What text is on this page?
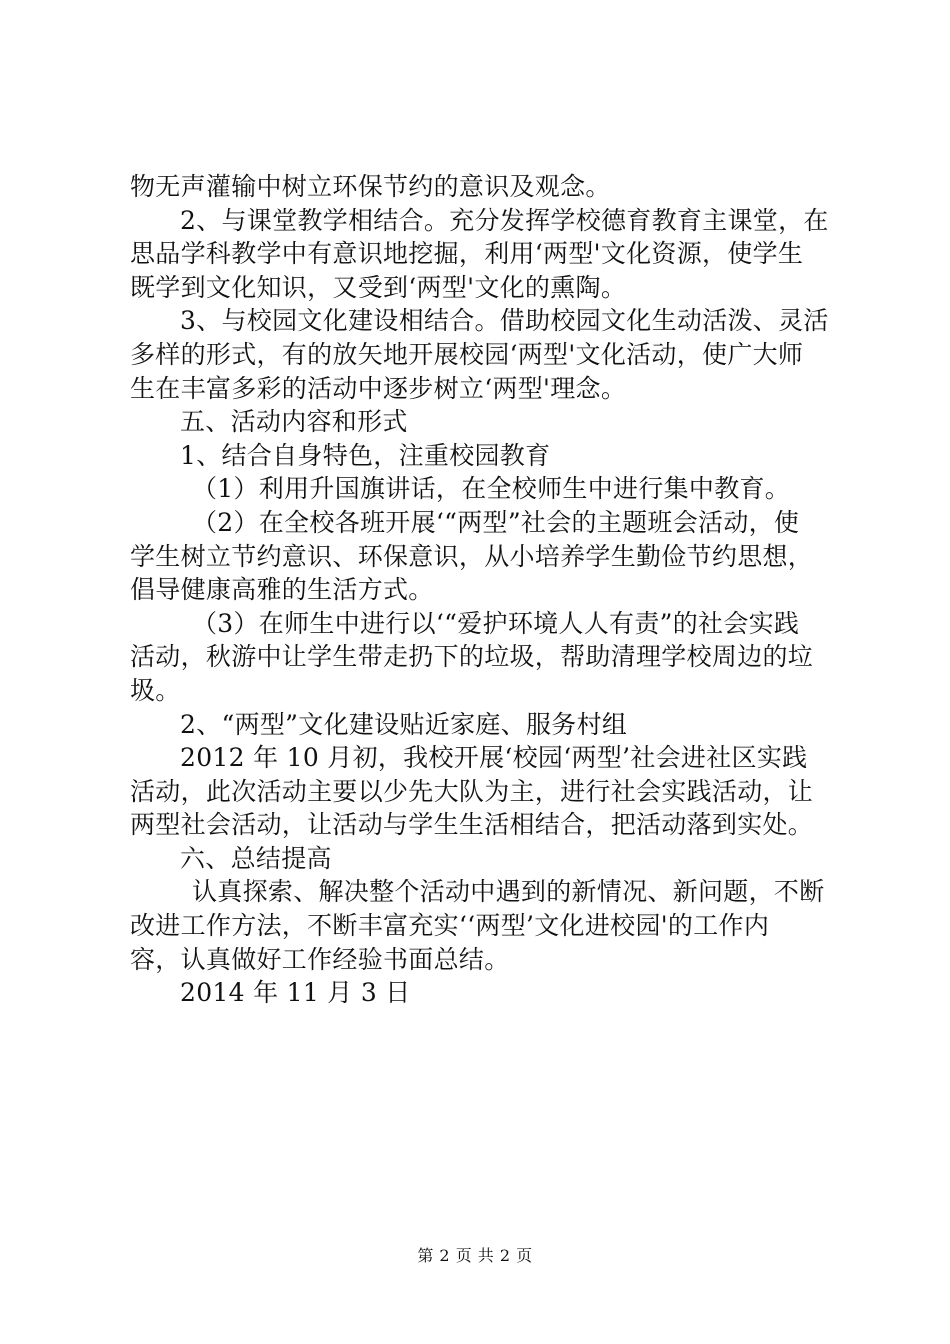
物无声灌输中树立环保节约的意识及观念。
2、与课堂教学相结合。充分发挥学校德育教育主课堂，在
思品学科教学中有意识地挖掘，利用‘两型'文化资源，使学生
既学到文化知识，又受到‘两型'文化的熏陶。
3、与校园文化建设相结合。借助校园文化生动活泼、灵活
多样的形式，有的放矢地开展校园‘两型'文化活动，使广大师
生在丰富多彩的活动中逐步树立‘两型'理念。
五、活动内容和形式
1、结合自身特色，注重校园教育
（1）利用升国旗讲话，在全校师生中进行集中教育。
（2）在全校各班开展‘“两型”社会的主题班会活动，使
学生树立节约意识、环保意识，从小培养学生勤俭节约思想，
倡导健康高雅的生活方式。
（3）在师生中进行以‘“爱护环境人人有责”的社会实践
活动，秋游中让学生带走扔下的垃圾，帮助清理学校周边的垃
圾。
2、“两型”文化建设贴近家庭、服务村组
2012 年 10 月初，我校开展‘校园‘两型’社会进社区实践
活动，此次活动主要以少先大队为主，进行社会实践活动，让
两型社会活动，让活动与学生生活相结合，把活动落到实处。
六、总结提高
认真探索、解决整个活动中遇到的新情况、新问题，不断
改进工作方法，不断丰富充实‘‘两型’文化进校园'的工作内
容，认真做好工作经验书面总结。
2014 年 11 月 3 日
第 2 页 共 2 页
